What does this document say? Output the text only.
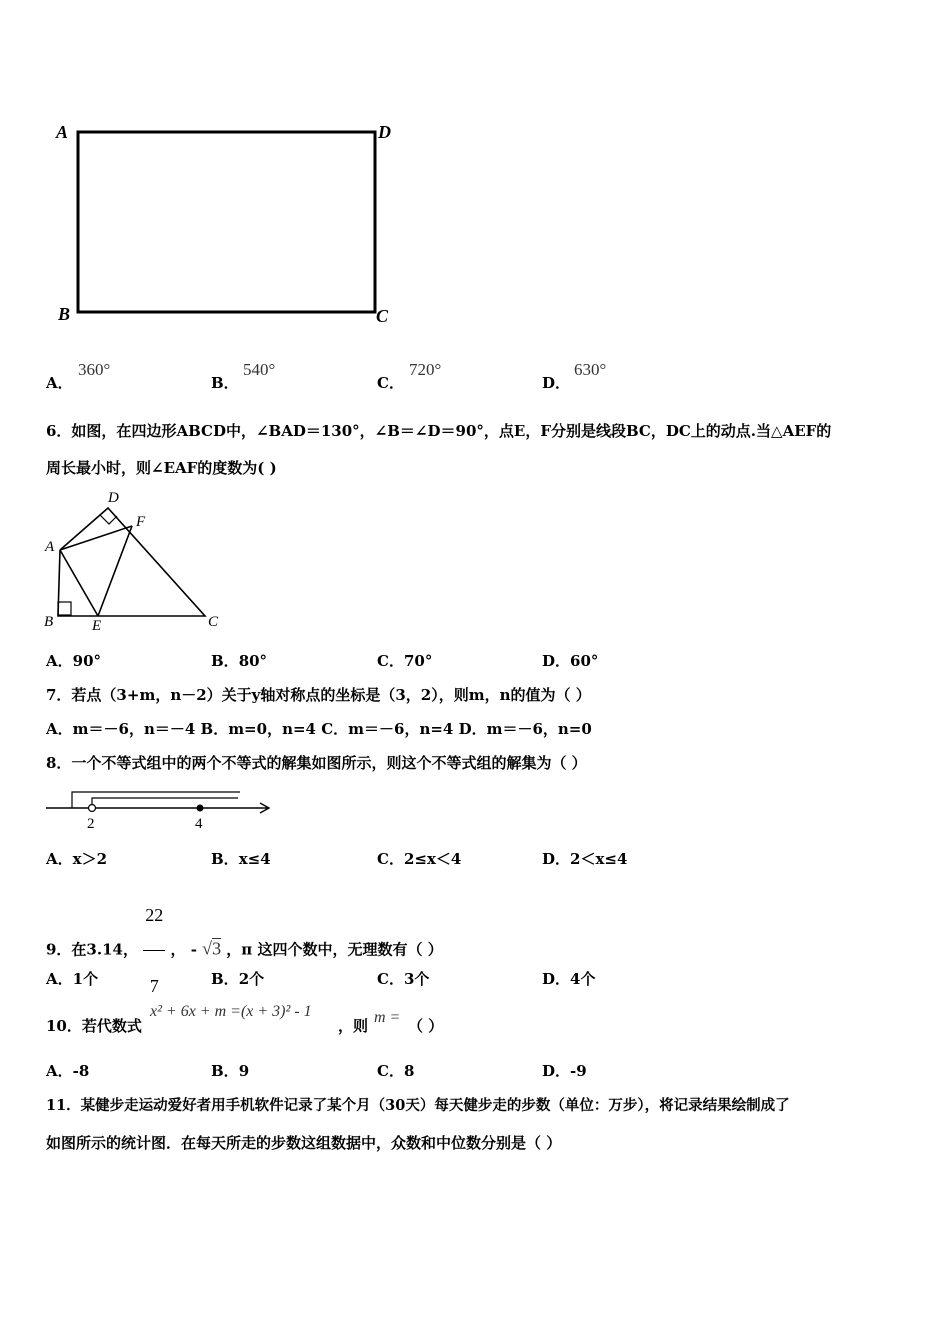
A	D
B	C
A．
360°
B．
540°
C．
720°
D．
630°
6．如图，在四边形ABCD中，∠BAD＝130°，∠B＝∠D＝90°，点E，F分别是线段BC，DC上的动点.当△AEF的
周长最小时，则∠EAF的度数为( )
D
F
A
B	E	C
A．90°	B．80°	C．70°	D．60°
7．若点（3+m，n－2）关于y轴对称点的坐标是（3，2），则m，n的值为（ ）
A．m＝－6，n＝－4 B．m=0，n=4 C．m＝－6，n=4 D．m＝－6，n=0
8．一个不等式组中的两个不等式的解集如图所示，则这个不等式组的解集为（ ）
2	4
A．x＞2	B．x≤4	C．2≤x＜4	D．2＜x≤4
9．在3.14， $\frac{22}{7}$ ， - √3 ，π 这四个数中，无理数有（ ）
A．1个	B．2个	C．3个	D．4个
10．若代数式
x² + 6x + m =(x + 3)² - 1
，则 m = （ ）
A．-8	B．9	C．8	D．-9
11．某健步走运动爱好者用手机软件记录了某个月（30天）每天健步走的步数（单位：万步），将记录结果绘制成了
如图所示的统计图．在每天所走的步数这组数据中，众数和中位数分别是（ ）
